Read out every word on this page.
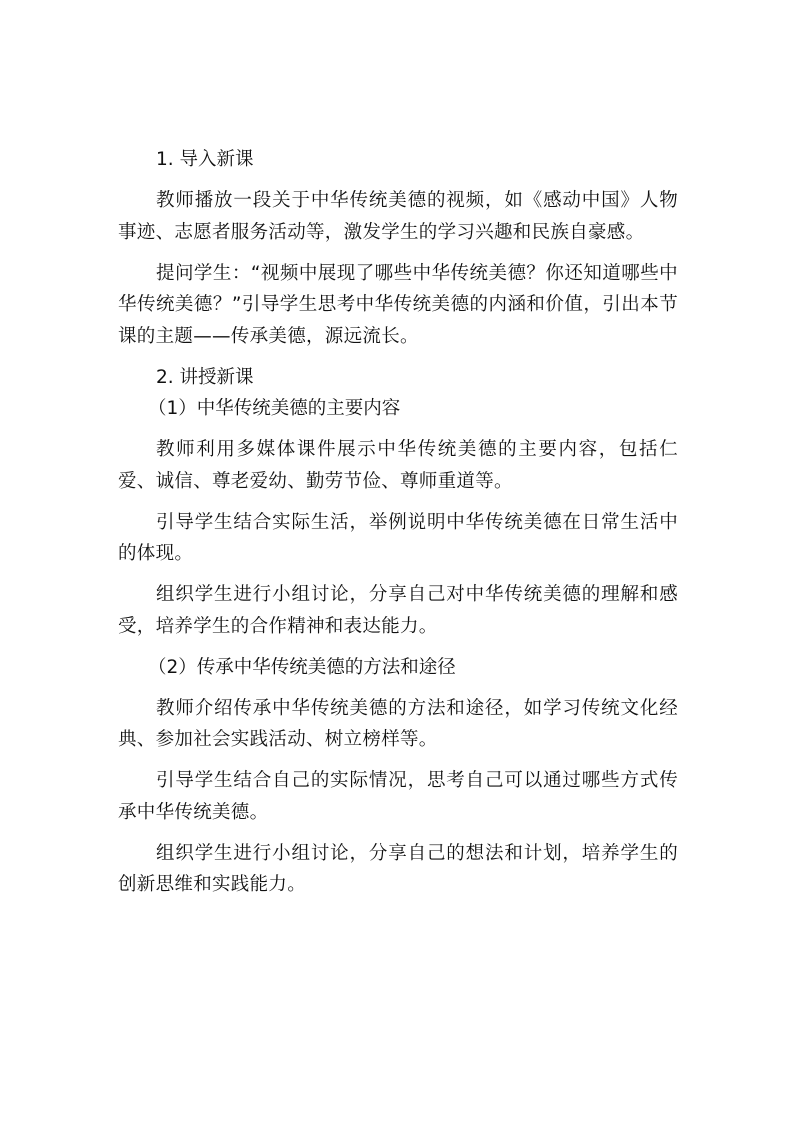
1. 导入新课

教师播放一段关于中华传统美德的视频，如《感动中国》人物事迹、志愿者服务活动等，激发学生的学习兴趣和民族自豪感。

提问学生：“视频中展现了哪些中华传统美德？你还知道哪些中华传统美德？”引导学生思考中华传统美德的内涵和价值，引出本节课的主题——传承美德，源远流长。

2. 讲授新课

（1）中华传统美德的主要内容

教师利用多媒体课件展示中华传统美德的主要内容，包括仁爱、诚信、尊老爱幼、勤劳节俭、尊师重道等。

引导学生结合实际生活，举例说明中华传统美德在日常生活中的体现。

组织学生进行小组讨论，分享自己对中华传统美德的理解和感受，培养学生的合作精神和表达能力。

（2）传承中华传统美德的方法和途径

教师介绍传承中华传统美德的方法和途径，如学习传统文化经典、参加社会实践活动、树立榜样等。

引导学生结合自己的实际情况，思考自己可以通过哪些方式传承中华传统美德。

组织学生进行小组讨论，分享自己的想法和计划，培养学生的创新思维和实践能力。
